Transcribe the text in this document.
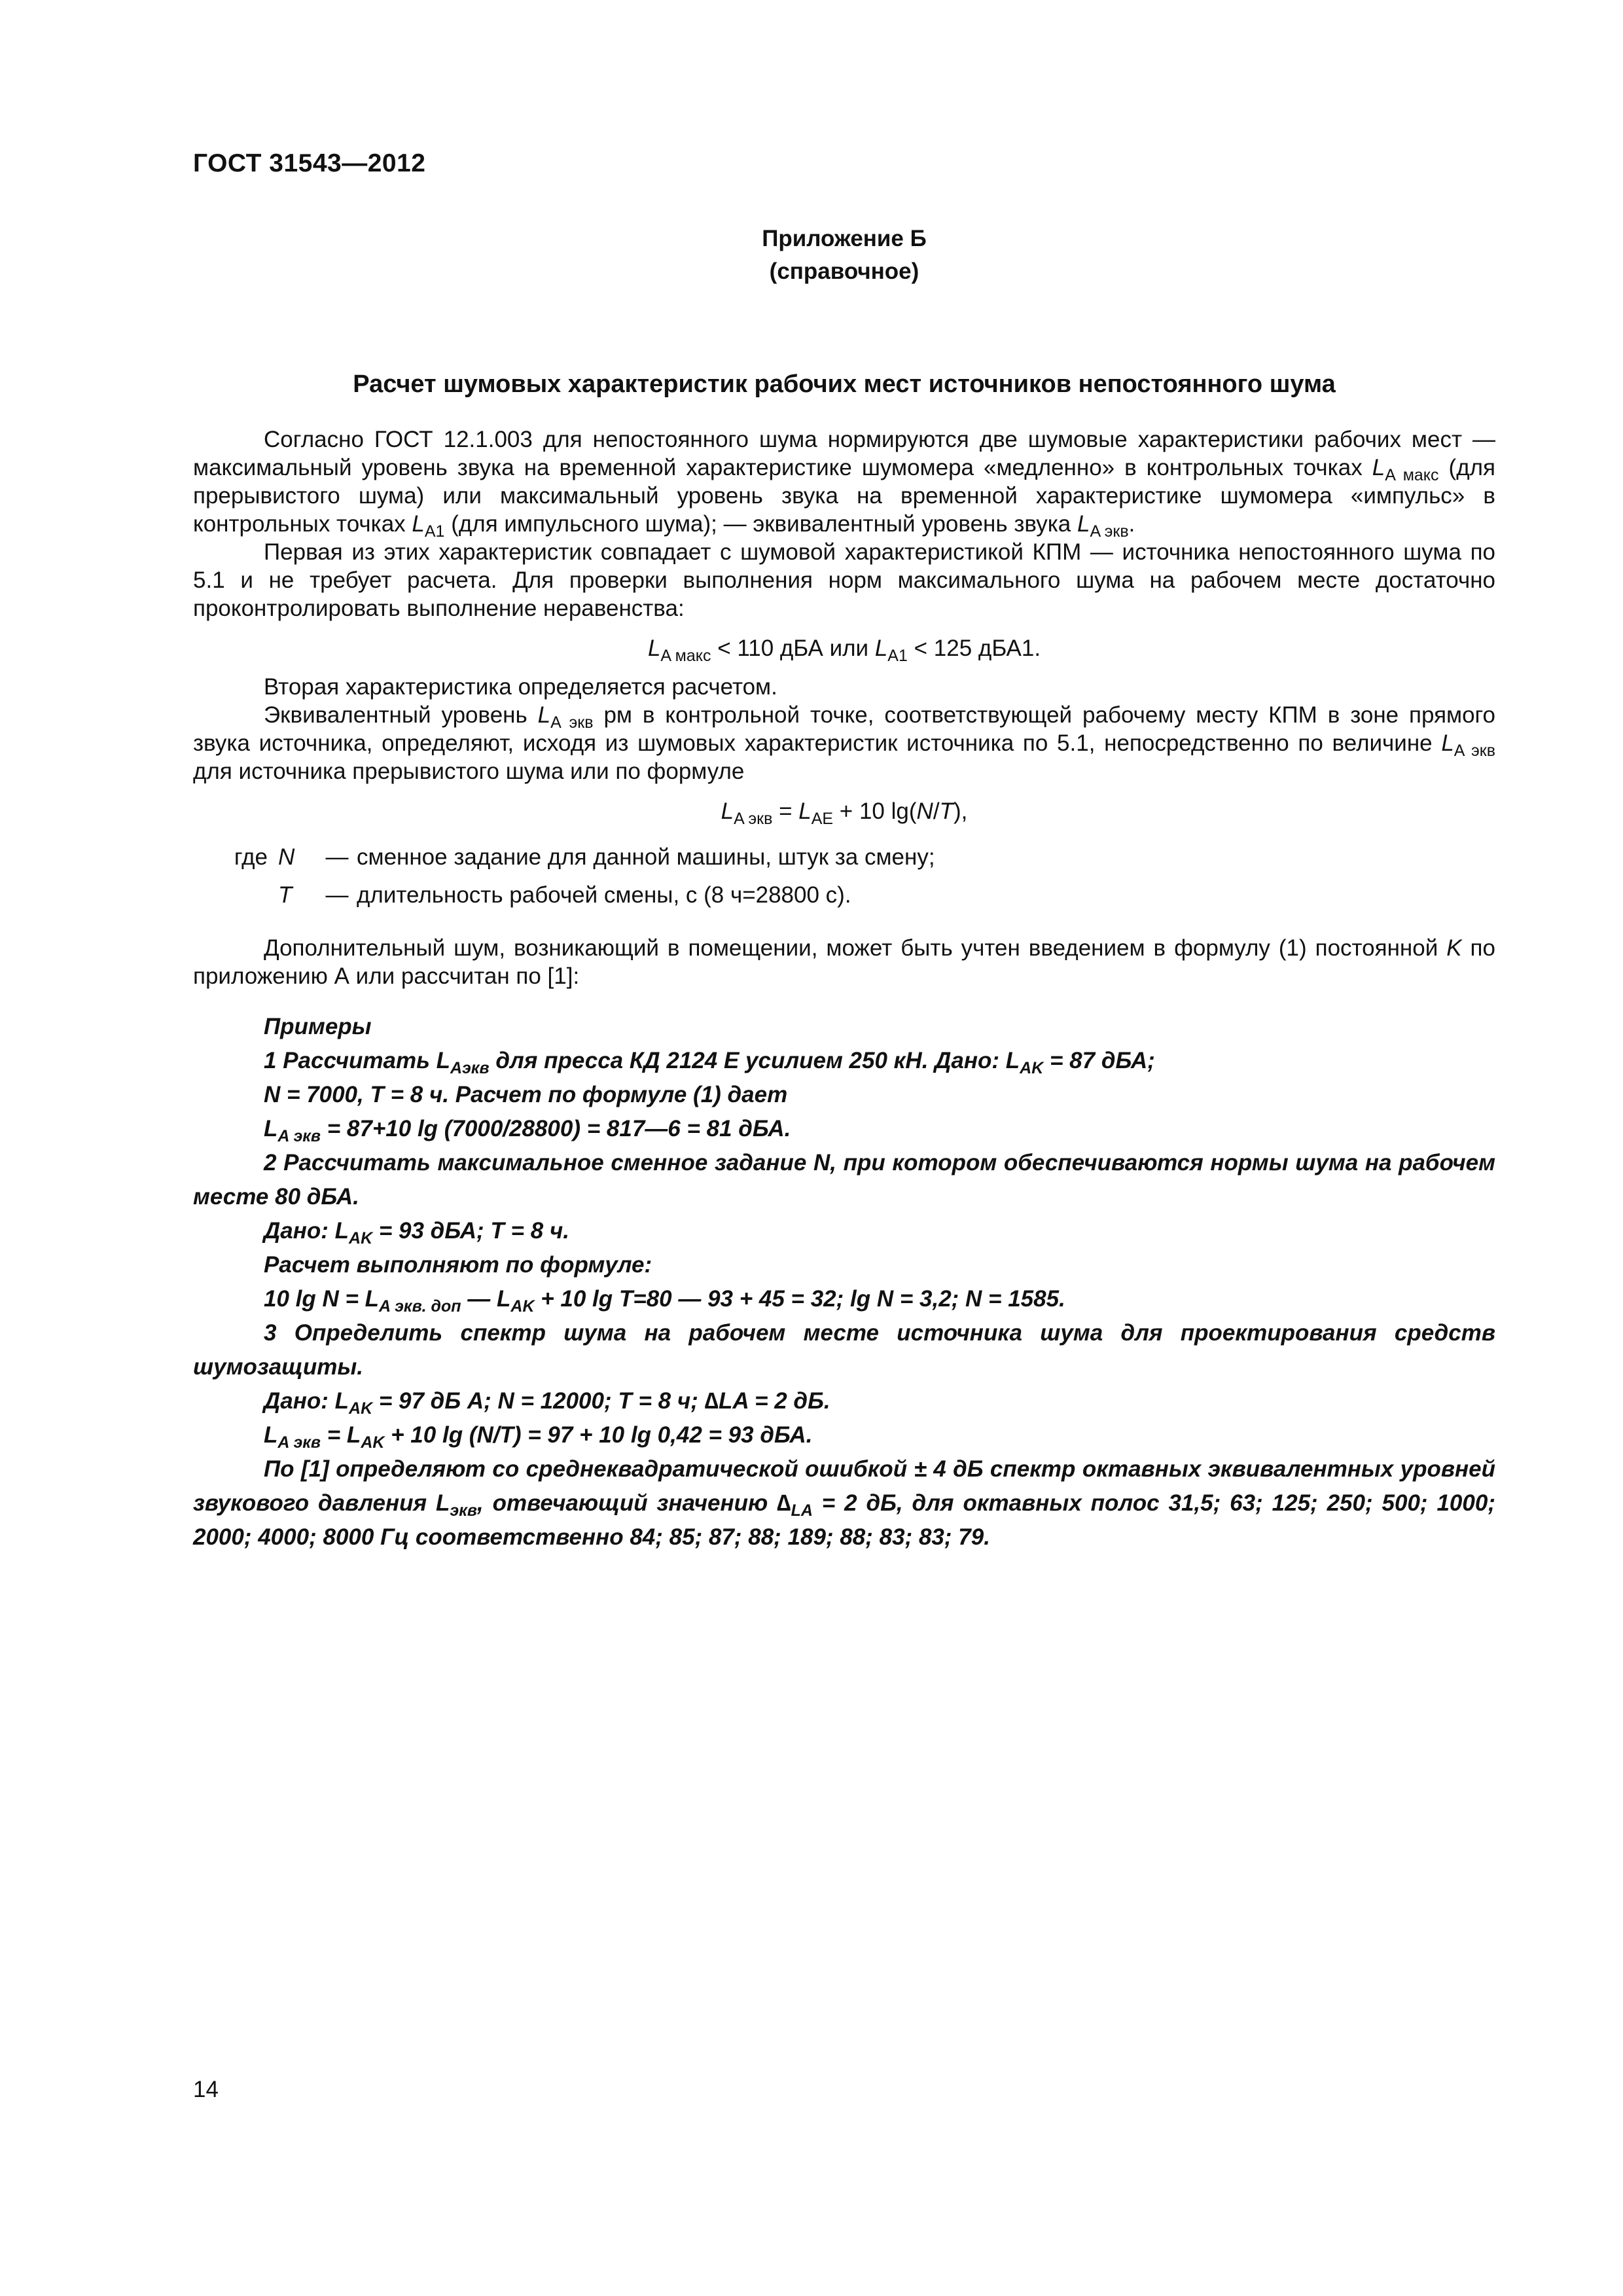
ГОСТ 31543—2012
Приложение Б
(справочное)
Расчет шумовых характеристик рабочих мест источников непостоянного шума

Согласно ГОСТ 12.1.003 для непостоянного шума нормируются две шумовые характеристики рабочих мест — максимальный уровень звука на временной характеристике шумомера «медленно» в контрольных точках $L_{A макс}$ (для прерывистого шума) или максимальный уровень звука на временной характеристике шумомера «импульс» в контрольных точках $L_{A1}$ (для импульсного шума); — эквивалентный уровень звука $L_{A экв}$.

Первая из этих характеристик совпадает с шумовой характеристикой КПМ — источника непостоянного шума по 5.1 и не требует расчета. Для проверки выполнения норм максимального шума на рабочем месте достаточно проконтролировать выполнение неравенства:

$L_{A макс} < 110$ дБА или $L_{A1} < 125$ дБА1.

Вторая характеристика определяется расчетом.

Эквивалентный уровень $L_{A экв}$ рм в контрольной точке, соответствующей рабочему месту КПМ в зоне прямого звука источника, определяют, исходя из шумовых характеристик источника по 5.1, непосредственно по величине $L_{A экв}$ для источника прерывистого шума или по формуле

$L_{A экв} = L_{AE} + 10$ lg(N/T),

где N	— сменное задание для данной машины, штук за смену;
T	— длительность рабочей смены, с (8 ч=28800 с).

Дополнительный шум, возникающий в помещении, может быть учтен введением в формулу (1) постоянной K по приложению А или рассчитан по [1]:

Примеры

1 Рассчитать $L_{Aэкв}$ для пресса КД 2124 Е усилием 250 кН. Дано: $L_{AK} = 87$ дБА;

N = 7000, T = 8 ч. Расчет по формуле (1) дает

$L_{A экв} = 87+10$ lg (7000/28800) = 817—6 = 81 дБА.

2 Рассчитать максимальное сменное задание N, при котором обеспечиваются нормы шума на рабочем месте 80 дБА.

Дано: $L_{AK} = 93$ дБА; T = 8 ч.

Расчет выполняют по формуле:

10 $\lg N = L_{A экв. доп}$ — $L_{AK} + 10$ lg T=80 — 93 + 45 = 32; lg N = 3,2; N = 1585.

3 Определить спектр шума на рабочем месте источника шума для проектирования средств шумозащиты.

Дано: $L_{AK} = 97$ дБ А; N = 12000; T = 8 ч; ∆LA = 2 дБ.

$L_{A экв} = L_{AK} + 10$ lg (N/T) = 97 + 10 lg 0,42 = 93 дБА.

По [1] определяют со среднеквадратической ошибкой ± 4 дБ спектр октавных эквивалентных уровней звукового давления $L_{экв}$, отвечающий значению $\Delta_{LA} = 2$ дБ, для октавных полос 31,5; 63; 125; 250; 500; 1000; 2000; 4000; 8000 Гц соответственно 84; 85; 87; 88; 189; 88; 83; 83; 79.

14
